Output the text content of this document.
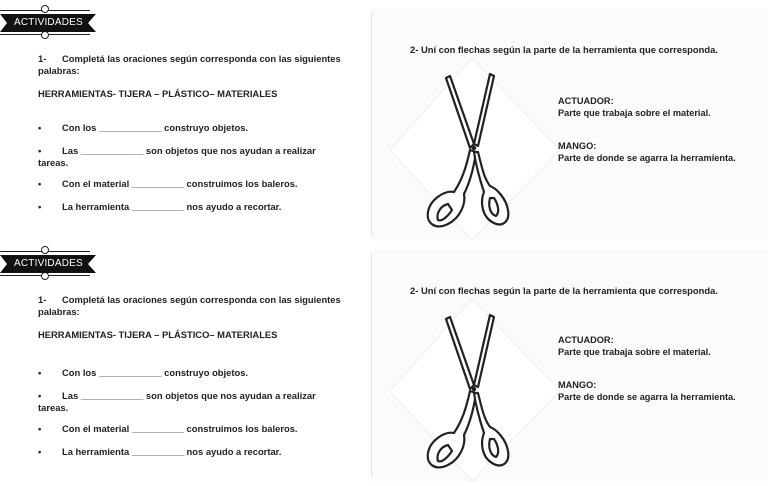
ACTIVIDADES
1- Completá las oraciones según corresponda con las siguientes palabras:
HERRAMIENTAS- TIJERA – PLÁSTICO– MATERIALES
• Con los ____________ construyo objetos.
• Las ____________ son objetos que nos ayudan a realizar tareas.
• Con el material __________ construimos los baleros.
• La herramienta __________ nos ayudo a recortar.
2- Uní con flechas según la parte de la herramienta que corresponda.
ACTUADOR:
Parte que trabaja sobre el material.
MANGO:
Parte de donde se agarra la herramienta.
ACTIVIDADES
1- Completá las oraciones según corresponda con las siguientes palabras:
HERRAMIENTAS- TIJERA – PLÁSTICO– MATERIALES
• Con los ____________ construyo objetos.
• Las ____________ son objetos que nos ayudan a realizar tareas.
• Con el material __________ construimos los baleros.
• La herramienta __________ nos ayudo a recortar.
2- Uní con flechas según la parte de la herramienta que corresponda.
ACTUADOR:
Parte que trabaja sobre el material.
MANGO:
Parte de donde se agarra la herramienta.
